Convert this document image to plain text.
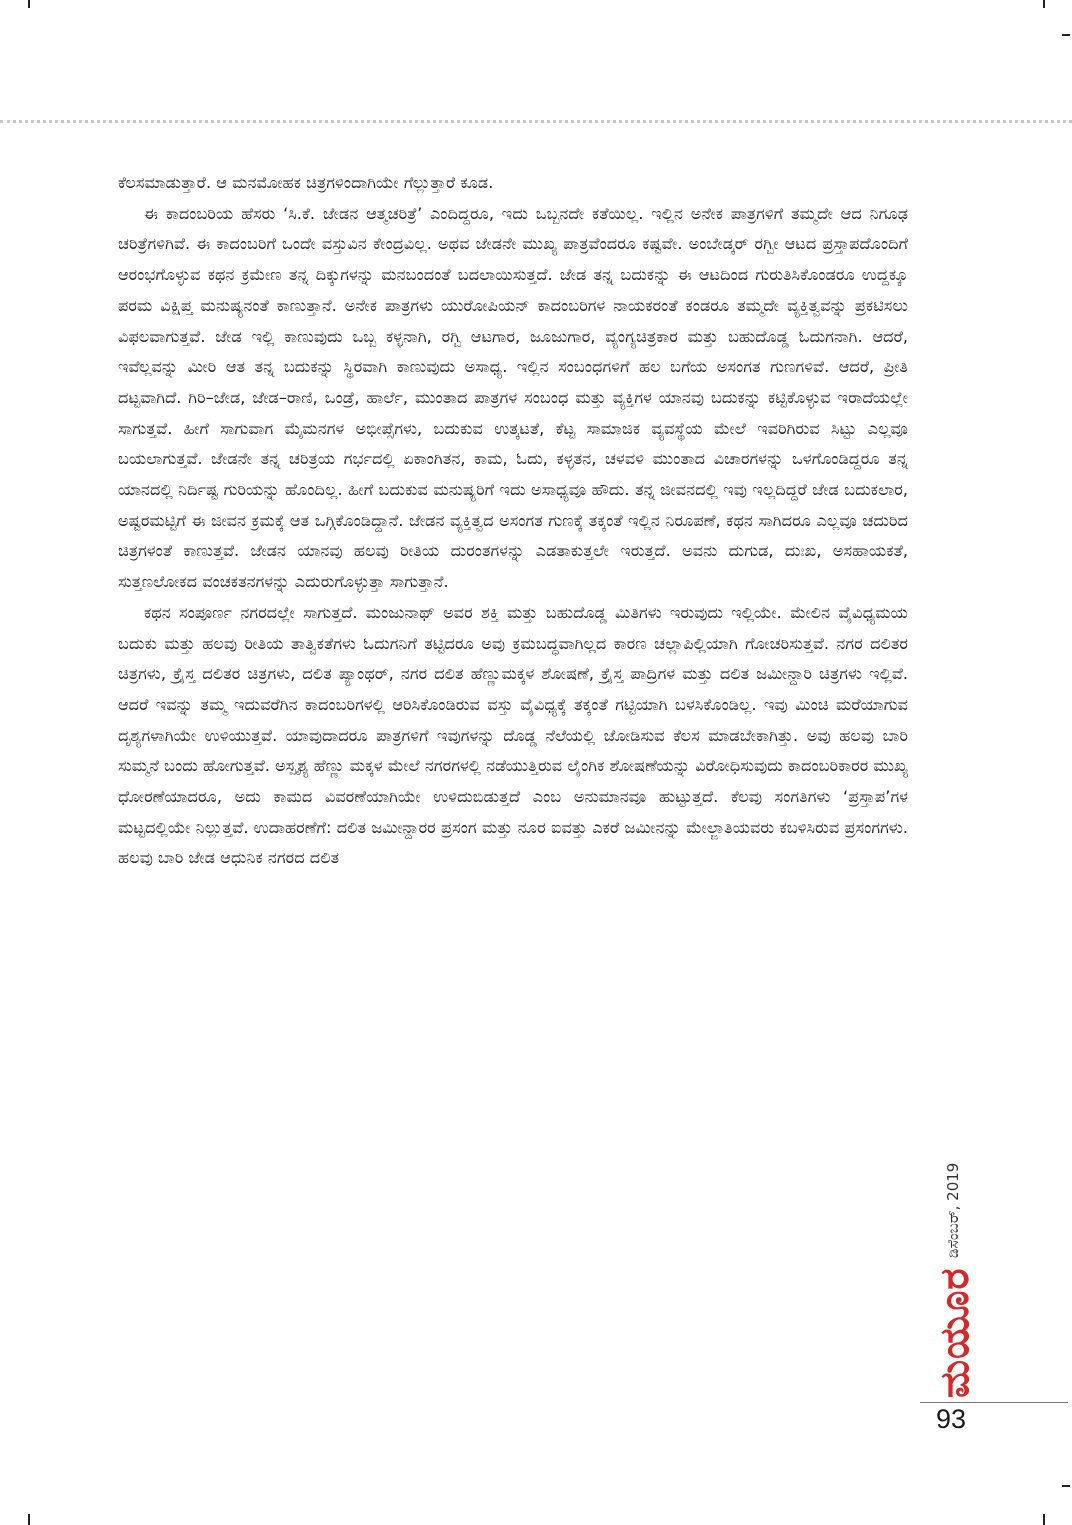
ಕೆಲಸಮಾಡುತ್ತಾರೆ. ಆ ಮನಮೋಹಕ ಚಿತ್ರಗಳಿಂದಾಗಿಯೇ ಗೆಲ್ಲುತ್ತಾರೆ ಕೂಡ.

ಈ ಕಾದಂಬರಿಯ ಹೆಸರು ‘ಸಿ.ಕೆ. ಜೇಡನ ಆತ್ಮಚರಿತ್ರೆ’ ಎಂದಿದ್ದರೂ, ಇದು ಒಬ್ಬನದೇ ಕತೆಯಿಲ್ಲ. ಇಲ್ಲಿನ ಅನೇಕ ಪಾತ್ರಗಳಿಗೆ ತಮ್ಮದೇ ಆದ ನಿಗೂಢ ಚರಿತ್ರೆಗಳಿಗಿವೆ. ಈ ಕಾದಂಬರಿಗೆ ಒಂದೇ ವಸ್ತುವಿನ ಕೇಂದ್ರವಿಲ್ಲ. ಅಥವ ಜೇಡನೇ ಮುಖ್ಯ ಪಾತ್ರವೆಂದರೂ ಕಷ್ಟವೇ. ಅಂಬೇಡ್ಕರ್ ರಗ್ಬೀ ಆಟದ ಪ್ರಸ್ತಾಪದೊಂದಿಗೆ ಆರಂಭಗೊಳ್ಳುವ ಕಥನ ಕ್ರಮೇಣ ತನ್ನ ದಿಕ್ಕುಗಳನ್ನು ಮನಬಂದಂತೆ ಬದಲಾಯಿಸುತ್ತದೆ. ಜೇಡ ತನ್ನ ಬದುಕನ್ನು ಈ ಆಟದಿಂದ ಗುರುತಿಸಿಕೊಂಡರೂ ಉದ್ದಕ್ಕೂ ಪರಮ ವಿಕ್ಷಿಪ್ತ ಮನುಷ್ಯನಂತೆ ಕಾಣುತ್ತಾನೆ. ಅನೇಕ ಪಾತ್ರಗಳು ಯುರೋಪಿಯನ್ ಕಾದಂಬರಿಗಳ ನಾಯಕರಂತೆ ಕಂಡರೂ ತಮ್ಮದೇ ವ್ಯಕ್ತಿತ್ವವನ್ನು ಪ್ರಕಟಿಸಲು ವಿಫಲವಾಗುತ್ತವೆ. ಜೇಡ ಇಲ್ಲಿ ಕಾಣುವುದು ಒಬ್ಬ ಕಳ್ಳನಾಗಿ, ರಗ್ಬಿ ಆಟಗಾರ, ಜೂಜುಗಾರ, ವ್ಯಂಗ್ಯಚಿತ್ರಕಾರ ಮತ್ತು ಬಹುದೊಡ್ಡ ಓದುಗನಾಗಿ. ಆದರೆ, ಇವೆಲ್ಲವನ್ನು ಮೀರಿ ಆತ ತನ್ನ ಬದುಕನ್ನು ಸ್ಥಿರವಾಗಿ ಕಾಣುವುದು ಅಸಾಧ್ಯ. ಇಲ್ಲಿನ ಸಂಬಂಧಗಳಿಗೆ ಹಲ ಬಗೆಯ ಅಸಂಗತ ಗುಣಗಳಿವೆ. ಆದರೆ, ಪ್ರೀತಿ ದಟ್ಟವಾಗಿದೆ. ಗಿರಿ–ಜೇಡ, ಜೇಡ–ರಾಣಿ, ಒಂಡ್ರೆ, ಹಾರ್ಲೆ, ಮುಂತಾದ ಪಾತ್ರಗಳ ಸಂಬಂಧ ಮತ್ತು ವ್ಯಕ್ತಿಗಳ ಯಾನವು ಬದುಕನ್ನು ಕಟ್ಟಿಕೊಳ್ಳುವ ಇರಾದೆಯಲ್ಲೇ ಸಾಗುತ್ತವೆ. ಹೀಗೆ ಸಾಗುವಾಗ ಮೈಮನಗಳ ಅಭೀಪ್ಸೆಗಳು, ಬದುಕುವ ಉತ್ಕಟತೆ, ಕೆಟ್ಟ ಸಾಮಾಜಿಕ ವ್ಯವಸ್ಥೆಯ ಮೇಲೆ ಇವರಿಗಿರುವ ಸಿಟ್ಟು ಎಲ್ಲವೂ ಬಯಲಾಗುತ್ತವೆ. ಜೇಡನೇ ತನ್ನ ಚರಿತ್ರಯ ಗರ್ಭದಲ್ಲಿ ಏಕಾಂಗಿತನ, ಕಾಮ, ಓದು, ಕಳ್ಳತನ, ಚಳವಳಿ ಮುಂತಾದ ವಿಚಾರಗಳನ್ನು ಒಳಗೊಂಡಿದ್ದರೂ ತನ್ನ ಯಾನದಲ್ಲಿ ನಿರ್ದಿಷ್ಟ ಗುರಿಯನ್ನು ಹೊಂದಿಲ್ಲ. ಹೀಗೆ ಬದುಕುವ ಮನುಷ್ಯರಿಗೆ ಇದು ಅಸಾಧ್ಯವೂ ಹೌದು. ತನ್ನ ಜೀವನದಲ್ಲಿ ಇವು ಇಲ್ಲದಿದ್ದರೆ ಜೇಡ ಬದುಕಲಾರ, ಅಷ್ಟರಮಟ್ಟಿಗೆ ಈ ಜೀವನ ಕ್ರಮಕ್ಕೆ ಆತ ಒಗ್ಗಿಕೊಂಡಿದ್ದಾನೆ. ಜೇಡನ ವ್ಯಕ್ತಿತ್ವದ ಅಸಂಗತ ಗುಣಕ್ಕೆ ತಕ್ಕಂತೆ ಇಲ್ಲಿನ ನಿರೂಪಣೆ, ಕಥನ ಸಾಗಿದರೂ ಎಲ್ಲವೂ ಚದುರಿದ ಚಿತ್ರಗಳಂತೆ ಕಾಣುತ್ತವೆ. ಜೇಡನ ಯಾನವು ಹಲವು ರೀತಿಯ ದುರಂತಗಳನ್ನು ಎಡತಾಕುತ್ತಲೇ ಇರುತ್ತದೆ. ಅವನು ದುಗುಡ, ದುಃಖ, ಅಸಹಾಯಕತೆ, ಸುತ್ತಣಲೋಕದ ವಂಚಕತನಗಳನ್ನು ಎದುರುಗೊಳ್ಳುತ್ತಾ ಸಾಗುತ್ತಾನೆ.

ಕಥನ ಸಂಪೂರ್ಣ ನಗರದಲ್ಲೇ ಸಾಗುತ್ತದೆ. ಮಂಜುನಾಥ್ ಅವರ ಶಕ್ತಿ ಮತ್ತು ಬಹುದೊಡ್ಡ ಮಿತಿಗಳು ಇರುವುದು ಇಲ್ಲಿಯೇ. ಮೇಲಿನ ವೈವಿಧ್ಯಮಯ ಬದುಕು ಮತ್ತು ಹಲವು ರೀತಿಯ ತಾತ್ವಿಕತೆಗಳು ಓದುಗನಿಗೆ ತಟ್ಟಿದರೂ ಅವು ಕ್ರಮಬದ್ಧವಾಗಿಲ್ಲದ ಕಾರಣ ಚಲ್ಲಾಪಿಲ್ಲಿಯಾಗಿ ಗೋಚರಿಸುತ್ತವೆ. ನಗರ ದಲಿತರ ಚಿತ್ರಗಳು, ಕ್ರೈಸ್ತ ದಲಿತರ ಚಿತ್ರಗಳು, ದಲಿತ ಪ್ಯಾಂಥರ್, ನಗರ ದಲಿತ ಹೆಣ್ಣುಮಕ್ಕಳ ಶೋಷಣೆ, ಕ್ರೈಸ್ತ ಪಾದ್ರಿಗಳ ಮತ್ತು ದಲಿತ ಜಮೀನ್ದಾರಿ ಚಿತ್ರಗಳು ಇಲ್ಲಿವೆ. ಆದರೆ ಇವನ್ನು ತಮ್ಮ ಇದುವರೆಗಿನ ಕಾದಂಬರಿಗಳಲ್ಲಿ ಆರಿಸಿಕೊಂಡಿರುವ ವಸ್ತು ವೈವಿಧ್ಯಕ್ಕೆ ತಕ್ಕಂತೆ ಗಟ್ಟಿಯಾಗಿ ಬಳಸಿಕೊಂಡಿಲ್ಲ. ಇವು ಮಿಂಚಿ ಮರೆಯಾಗುವ ದೃಶ್ಯಗಳಾಗಿಯೇ ಉಳಿಯುತ್ತವೆ. ಯಾವುದಾದರೂ ಪಾತ್ರಗಳಿಗೆ ಇವುಗಳನ್ನು ದೊಡ್ಡ ನೆಲೆಯಲ್ಲಿ ಜೋಡಿಸುವ ಕೆಲಸ ಮಾಡಬೇಕಾಗಿತ್ತು. ಅವು ಹಲವು ಬಾರಿ ಸುಮ್ಮನೆ ಬಂದು ಹೋಗುತ್ತವೆ. ಅಸ್ಪೃಶ್ಯ ಹೆಣ್ಣು ಮಕ್ಕಳ ಮೇಲೆ ನಗರಗಳಲ್ಲಿ ನಡೆಯುತ್ತಿರುವ ಲೈಂಗಿಕ ಶೋಷಣೆಯನ್ನು ವಿರೋಧಿಸುವುದು ಕಾದಂಬರಿಕಾರರ ಮುಖ್ಯ ಧೋರಣೆಯಾದರೂ, ಅದು ಕಾಮದ ವಿವರಣೆಯಾಗಿಯೇ ಉಳಿದುಬಿಡುತ್ತದೆ ಎಂಬ ಅನುಮಾನವೂ ಹುಟ್ಟುತ್ತದೆ. ಕೆಲವು ಸಂಗತಿಗಳು ‘ಪ್ರಸ್ತಾಪ’ಗಳ ಮಟ್ಟದಲ್ಲಿಯೇ ನಿಲ್ಲುತ್ತವೆ. ಉದಾಹರಣೆಗೆ: ದಲಿತ ಜಮೀನ್ದಾರರ ಪ್ರಸಂಗ ಮತ್ತು ನೂರ ಐವತ್ತು ಎಕರೆ ಜಮೀನನ್ನು ಮೇಲ್ಜಾತಿಯವರು ಕಬಳಿಸಿರುವ ಪ್ರಸಂಗಗಳು. ಹಲವು ಬಾರಿ ಜೇಡ ಆಧುನಿಕ ನಗರದ ದಲಿತ

ಡಿಸೆಂಬರ್, 2019
ಮಯೂರ
93
